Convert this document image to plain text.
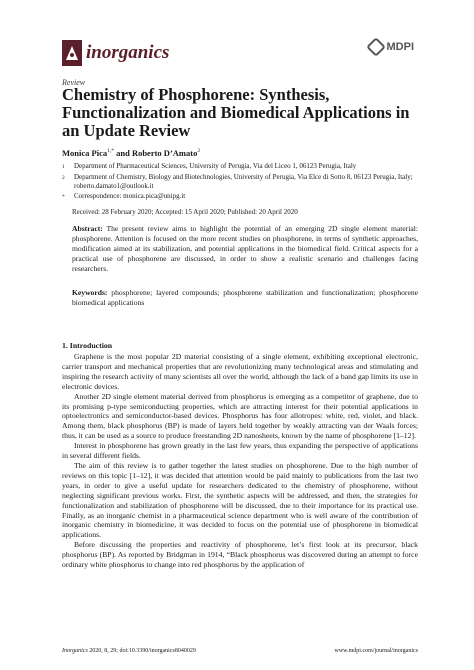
inorganics	MDPI
Review
Chemistry of Phosphorene: Synthesis, Functionalization and Biomedical Applications in an Update Review
Monica Pica$^{1,*}$ and Roberto D’Amato$^2$
1	Department of Pharmaceutical Sciences, University of Perugia, Via del Liceo 1, 06123 Perugia, Italy
2	Department of Chemistry, Biology and Biotechnologies, University of Perugia, Via Elce di Sotto 8, 06123 Perugia, Italy; roberto.damato1@outlook.it
*	Correspondence: monica.pica@unipg.it
Received: 28 February 2020; Accepted: 15 April 2020; Published: 20 April 2020
Abstract: The present review aims to highlight the potential of an emerging 2D single element material: phosphorene. Attention is focused on the more recent studies on phosphorene, in terms of synthetic approaches, modification aimed at its stabilization, and potential applications in the biomedical field. Critical aspects for a practical use of phosphorene are discussed, in order to show a realistic scenario and challenges facing researchers.
Keywords: phosphorene; layered compounds; phosphorene stabilization and functionalization; phosphorene biomedical applications
1. Introduction

Graphene is the most popular 2D material consisting of a single element, exhibiting exceptional electronic, carrier transport and mechanical properties that are revolutionizing many technological areas and stimulating and inspiring the research activity of many scientists all over the world, although the lack of a band gap limits its use in electronic devices.

Another 2D single element material derived from phosphorus is emerging as a competitor of graphene, due to its promising p-type semiconducting properties, which are attracting interest for their potential applications in optoelectronics and semiconductor-based devices. Phosphorus has four allotropes: white, red, violet, and black. Among them, black phosphorus (BP) is made of layers held together by weakly attracting van der Waals forces; thus, it can be used as a source to produce freestanding 2D nanosheets, known by the name of phosphorene [1–12].

Interest in phosphorene has grown greatly in the last few years, thus expanding the perspective of applications in several different fields.

The aim of this review is to gather together the latest studies on phosphorene. Due to the high number of reviews on this topic [1–12], it was decided that attention would be paid mainly to publications from the last two years, in order to give a useful update for researchers dedicated to the chemistry of phosphorene, without neglecting significant previous works. First, the synthetic aspects will be addressed, and then, the strategies for functionalization and stabilization of phosphorene will be discussed, due to their importance for its practical use. Finally, as an inorganic chemist in a pharmaceutical science department who is well aware of the contribution of inorganic chemistry in biomedicine, it was decided to focus on the potential use of phosphorene in biomedical applications.

Before discussing the properties and reactivity of phosphorene, let’s first look at its precursor, black phosphorus (BP). As reported by Bridgman in 1914, “Black phosphorus was discovered during an attempt to force ordinary white phosphorus to change into red phosphorus by the application of

Inorganics 2020, 8, 29; doi:10.3390/inorganics8040029	www.mdpi.com/journal/inorganics
